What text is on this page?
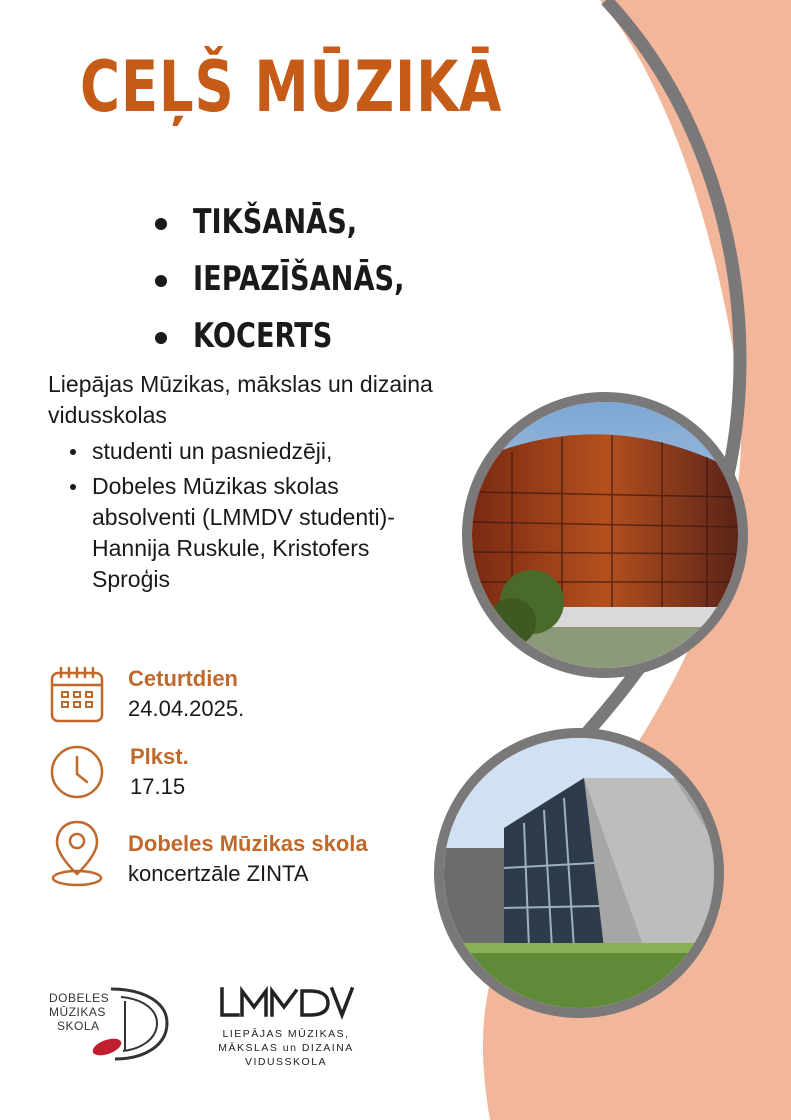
CEĻŠ MŪZIKĀ
TIKŠANĀS,
IEPAZĪŠANĀS,
KOCERTS

Liepājas Mūzikas, mākslas un dizaina vidusskolas

studenti un pasniedzēji,
Dobeles Mūzikas skolas absolventi (LMMDV studenti)- Hannija Ruskule, Kristofers Sproģis
Ceturtdien
24.04.2025.
Plkst.
17.15
Dobeles Mūzikas skola
koncertzāle ZINTA
DOBELES
MŪZIKAS
SKOLA
LIEPĀJAS MŪZIKAS,
MĀKSLAS un DIZAINA
VIDUSSKOLA
